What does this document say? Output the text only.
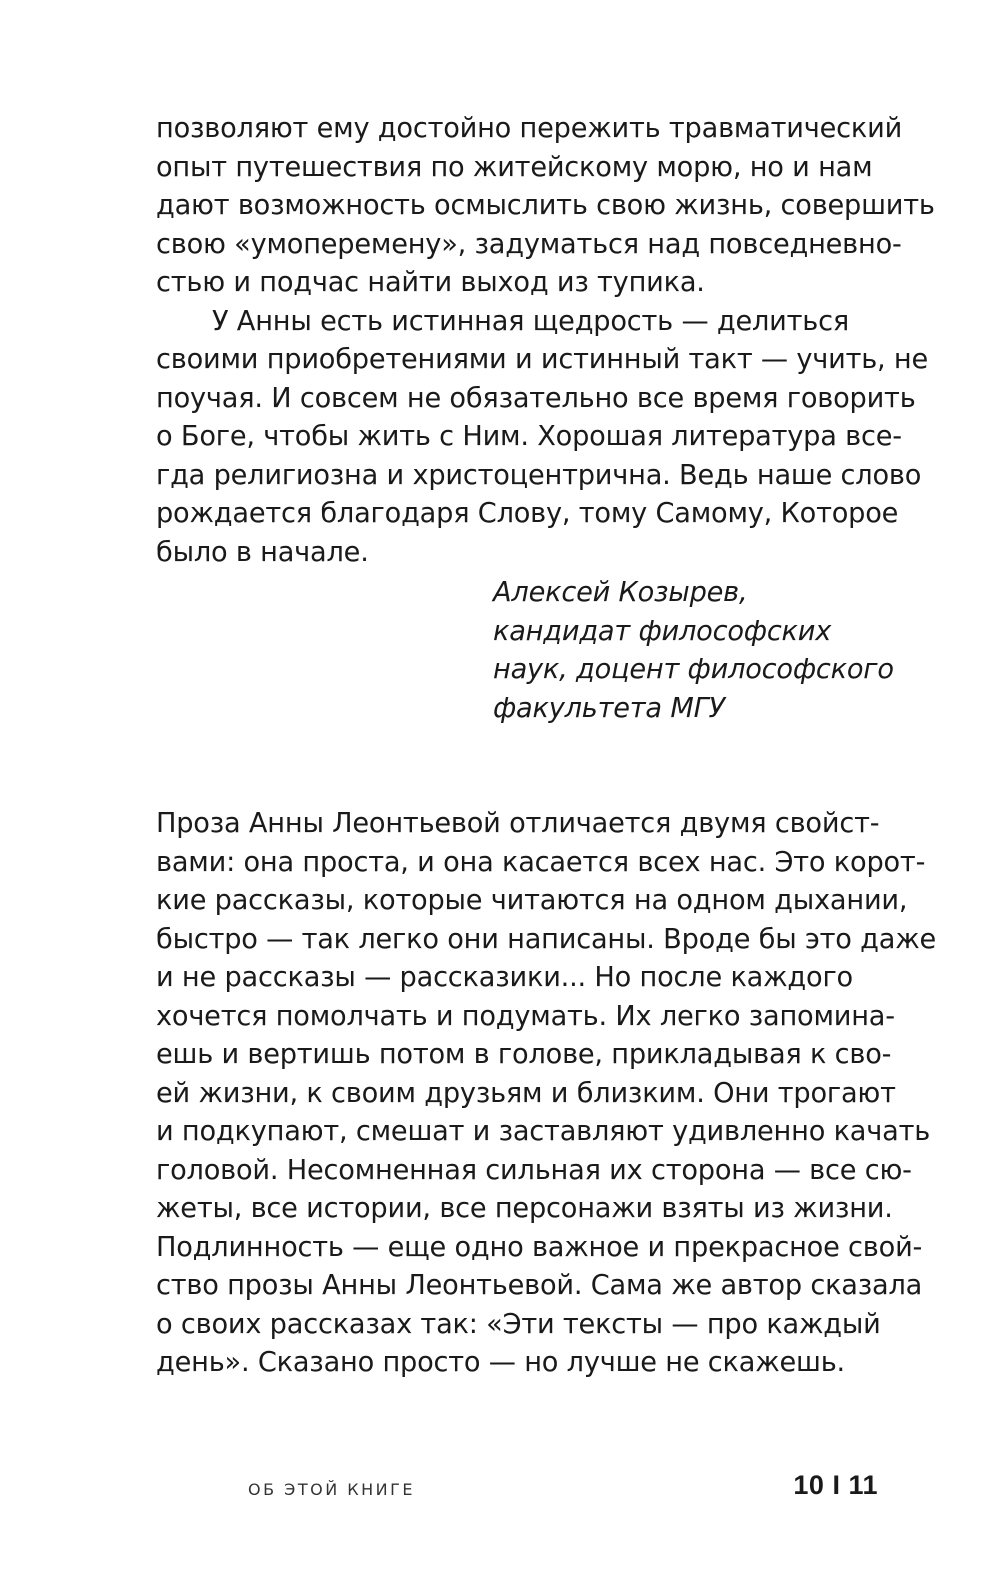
позволяют ему достойно пережить травматический
опыт путешествия по житейскому морю, но и нам
дают возможность осмыслить свою жизнь, совершить
свою «умоперемену», задуматься над повседневно-
стью и подчас найти выход из тупика.
У Анны есть истинная щедрость — делиться
своими приобретениями и истинный такт — учить, не
поучая. И совсем не обязательно все время говорить
о Боге, чтобы жить с Ним. Хорошая литература все-
гда религиозна и христоцентрична. Ведь наше слово
рождается благодаря Слову, тому Самому, Которое
было в начале.
Алексей Козырев,
кандидат философских
наук, доцент философского
факультета МГУ
Проза Анны Леонтьевой отличается двумя свойст-
вами: она проста, и она касается всех нас. Это корот-
кие рассказы, которые читаются на одном дыхании,
быстро — так легко они написаны. Вроде бы это даже
и не рассказы — рассказики... Но после каждого
хочется помолчать и подумать. Их легко запомина-
ешь и вертишь потом в голове, прикладывая к сво-
ей жизни, к своим друзьям и близким. Они трогают
и подкупают, смешат и заставляют удивленно качать
головой. Несомненная сильная их сторона — все сю-
жеты, все истории, все персонажи взяты из жизни.
Подлинность — еще одно важное и прекрасное свой-
ство прозы Анны Леонтьевой. Сама же автор сказала
о своих рассказах так: «Эти тексты — про каждый
день». Сказано просто — но лучше не скажешь.
ОБ ЭТОЙ КНИГЕ	10 I 11
